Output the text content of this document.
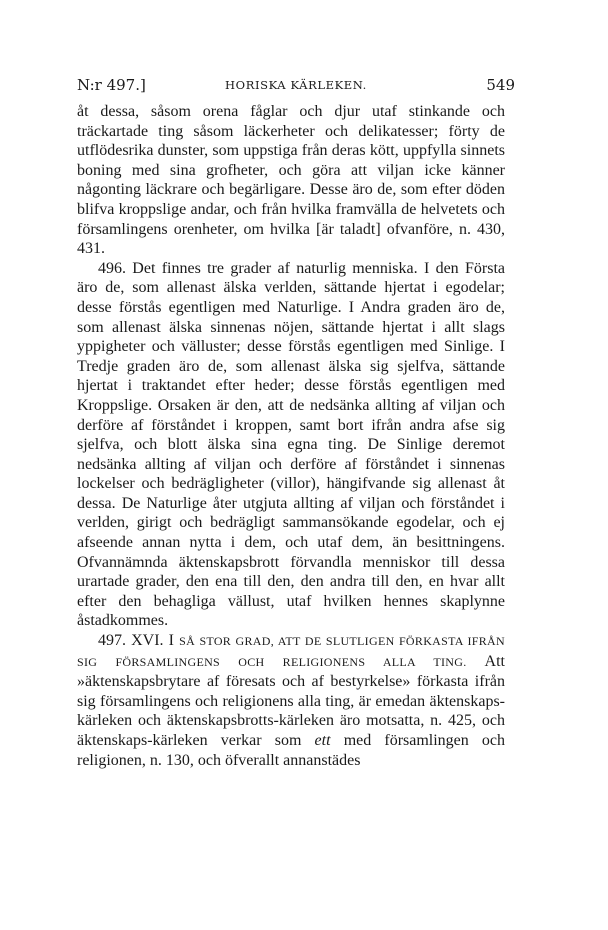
N:r 497.]	HORISKA KÄRLEKEN.	549

åt dessa, såsom orena fåglar och djur utaf stinkande och träckartade ting såsom läckerheter och delikatesser; förty de utflödesrika dunster, som uppstiga från deras kött, uppfylla sinnets boning med sina grofheter, och göra att viljan icke känner någonting läckrare och begärligare. Desse äro de, som efter döden blifva kroppslige andar, och från hvilka framvälla de helvetets och församlingens orenheter, om hvilka [är taladt] ofvanföre, n. 430, 431.

496. Det finnes tre grader af naturlig menniska. I den Första äro de, som allenast älska verlden, sättande hjertat i egodelar; desse förstås egentligen med Naturlige. I Andra graden äro de, som allenast älska sinnenas nöjen, sättande hjertat i allt slags yppigheter och välluster; desse förstås egentligen med Sinlige. I Tredje graden äro de, som allenast älska sig sjelfva, sättande hjertat i traktandet efter heder; desse förstås egentligen med Kroppslige. Orsaken är den, att de nedsänka allting af viljan och derföre af förståndet i kroppen, samt bort ifrån andra afse sig sjelfva, och blott älska sina egna ting. De Sinlige deremot nedsänka allting af viljan och derföre af förståndet i sinnenas lockelser och bedrägligheter (villor), hängifvande sig allenast åt dessa. De Naturlige åter utgjuta allting af viljan och förståndet i verlden, girigt och bedrägligt sammansökande egodelar, och ej afseende annan nytta i dem, och utaf dem, än besittningens. Ofvannämnda äktenskapsbrott förvandla menniskor till dessa urartade grader, den ena till den, den andra till den, en hvar allt efter den behagliga vällust, utaf hvilken hennes skaplynne åstadkommes.

497. XVI. I SÅ STOR GRAD, ATT DE SLUTLIGEN FÖRKASTA IFRÅN SIG FÖRSAMLINGENS OCH RELIGIONENS ALLA TING. Att »äktenskapsbrytare af föresats och af bestyrkelse» förkasta ifrån sig församlingens och religionens alla ting, är emedan äktenskaps-kärleken och äktenskapsbrotts-kärleken äro motsatta, n. 425, och äktenskaps-kärleken verkar som ett med församlingen och religionen, n. 130, och öfverallt annanstädes
